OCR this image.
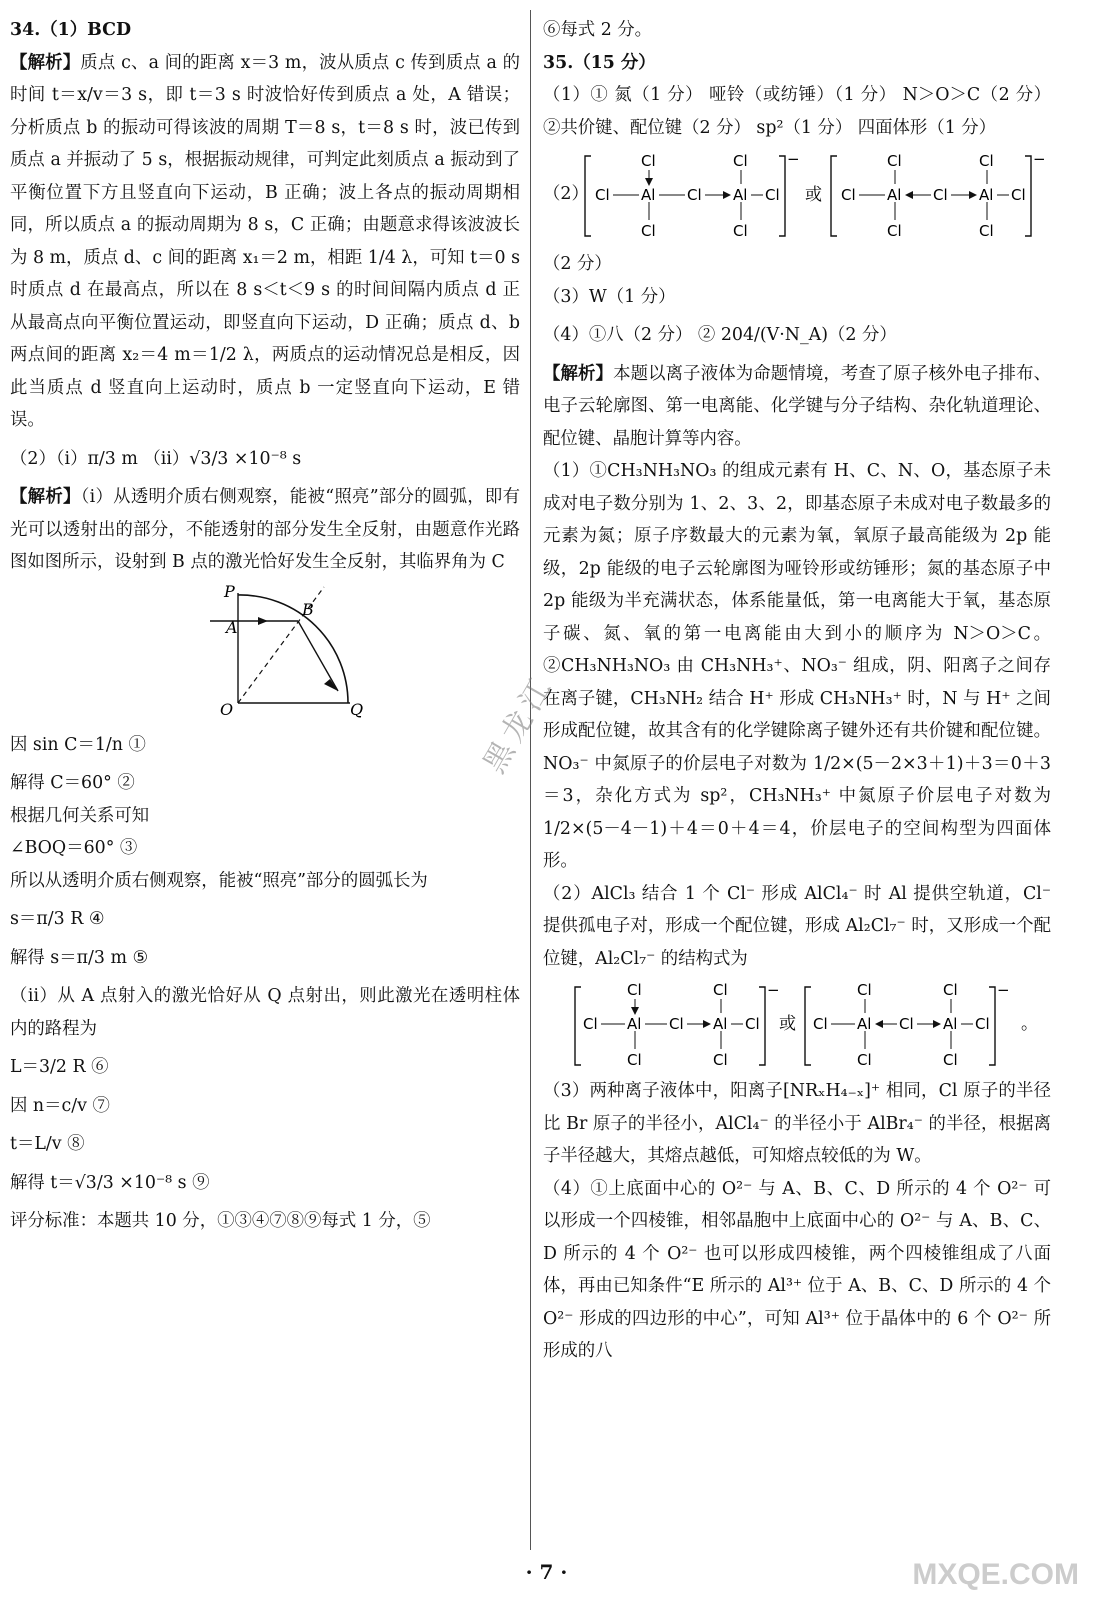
34.（1）BCD

【解析】质点 c、a 间的距离 x＝3 m，波从质点 c 传到质点 a 的时间 t＝x/v＝3 s，即 t＝3 s 时波恰好传到质点 a 处，A 错误；分析质点 b 的振动可得该波的周期 T＝8 s，t＝8 s 时，波已传到质点 a 并振动了 5 s，根据振动规律，可判定此刻质点 a 振动到了平衡位置下方且竖直向下运动，B 正确；波上各点的振动周期相同，所以质点 a 的振动周期为 8 s，C 正确；由题意求得该波波长为 8 m，质点 d、c 间的距离 x₁＝2 m，相距 1/4 λ，可知 t＝0 s 时质点 d 在最高点，所以在 8 s＜t＜9 s 的时间间隔内质点 d 正从最高点向平衡位置运动，即竖直向下运动，D 正确；质点 d、b 两点间的距离 x₂＝4 m＝1/2 λ，两质点的运动情况总是相反，因此当质点 d 竖直向上运动时，质点 b 一定竖直向下运动，E 错误。

（2）（ⅰ）π/3 m （ⅱ）√3/3 ×10⁻⁸ s

【解析】（ⅰ）从透明介质右侧观察，能被“照亮”部分的圆弧，即有光可以透射出的部分，不能透射的部分发生全反射，由题意作光路图如图所示，设射到 B 点的激光恰好发生全反射，其临界角为 C

P
A
B
O	Q

因 sin C＝1/n ①

解得 C＝60° ②

根据几何关系可知

∠BOQ＝60° ③

所以从透明介质右侧观察，能被“照亮”部分的圆弧长为

s＝π/3 R ④

解得 s＝π/3 m ⑤

（ⅱ）从 A 点射入的激光恰好从 Q 点射出，则此激光在透明柱体内的路程为

L＝3/2 R ⑥

因 n＝c/v ⑦

t＝L/v ⑧

解得 t＝√3/3 ×10⁻⁸ s ⑨

评分标准：本题共 10 分，①③④⑦⑧⑨每式 1 分，⑤

⑥每式 2 分。

35.（15 分）

（1）① 氮（1 分） 哑铃（或纺锤）（1 分） N＞O＞C（2 分） ②共价键、配位键（2 分） sp²（1 分） 四面体形（1 分）

（2）
−
Cl Al Cl Al Cl
Cl
Cl
Cl
Cl
或
−
Cl Al Cl Al Cl
Cl
Cl
Cl
Cl

（2 分）

（3）W（1 分）

（4）①八（2 分） ② 204/(V·N_A)（2 分）

【解析】本题以离子液体为命题情境，考查了原子核外电子排布、电子云轮廓图、第一电离能、化学键与分子结构、杂化轨道理论、配位键、晶胞计算等内容。

（1）①CH₃NH₃NO₃ 的组成元素有 H、C、N、O，基态原子未成对电子数分别为 1、2、3、2，即基态原子未成对电子数最多的元素为氮；原子序数最大的元素为氧，氧原子最高能级为 2p 能级，2p 能级的电子云轮廓图为哑铃形或纺锤形；氮的基态原子中 2p 能级为半充满状态，体系能量低，第一电离能大于氧，基态原子碳、氮、氧的第一电离能由大到小的顺序为 N＞O＞C。②CH₃NH₃NO₃ 由 CH₃NH₃⁺、NO₃⁻ 组成，阴、阳离子之间存在离子键，CH₃NH₂ 结合 H⁺ 形成 CH₃NH₃⁺ 时，N 与 H⁺ 之间形成配位键，故其含有的化学键除离子键外还有共价键和配位键。NO₃⁻ 中氮原子的价层电子对数为 1/2×(5－2×3＋1)＋3＝0＋3＝3，杂化方式为 sp²，CH₃NH₃⁺ 中氮原子价层电子对数为 1/2×(5－4－1)＋4＝0＋4＝4，价层电子的空间构型为四面体形。

（2）AlCl₃ 结合 1 个 Cl⁻ 形成 AlCl₄⁻ 时 Al 提供空轨道，Cl⁻ 提供孤电子对，形成一个配位键，形成 Al₂Cl₇⁻ 时，又形成一个配位键，Al₂Cl₇⁻ 的结构式为

−
Cl Al Cl Al Cl
Cl
Cl
Cl
Cl
或
−
Cl Al Cl Al Cl
Cl
Cl
Cl
Cl
。

（3）两种离子液体中，阳离子[NRₓH₄₋ₓ]⁺ 相同，Cl 原子的半径比 Br 原子的半径小，AlCl₄⁻ 的半径小于 AlBr₄⁻ 的半径，根据离子半径越大，其熔点越低，可知熔点较低的为 W。

（4）①上底面中心的 O²⁻ 与 A、B、C、D 所示的 4 个 O²⁻ 可以形成一个四棱锥，相邻晶胞中上底面中心的 O²⁻ 与 A、B、C、D 所示的 4 个 O²⁻ 也可以形成四棱锥，两个四棱锥组成了八面体，再由已知条件“E 所示的 Al³⁺ 位于 A、B、C、D 所示的 4 个 O²⁻ 形成的四边形的中心”，可知 Al³⁺ 位于晶体中的 6 个 O²⁻ 所形成的八

黑龙江
· 7 ·	MXQE.COM
